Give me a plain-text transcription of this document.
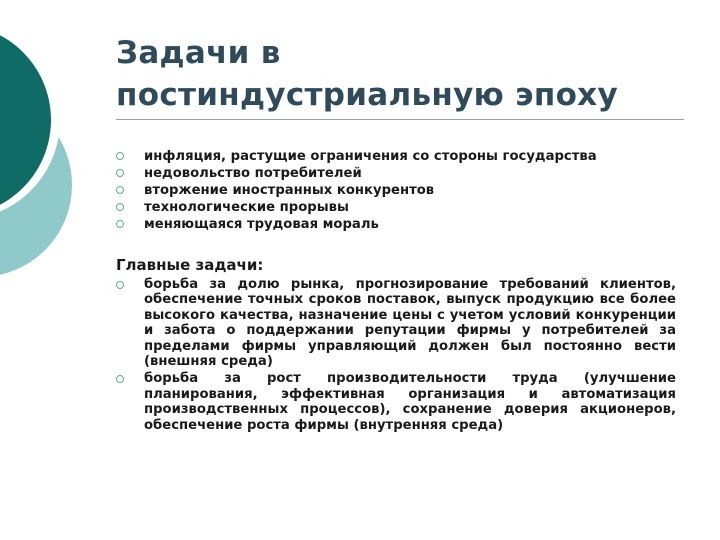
Задачи в
постиндустриальную эпоху
инфляция, растущие ограничения со стороны государства
недовольство потребителей
вторжение иностранных конкурентов
технологические прорывы
меняющаяся трудовая мораль
Главные задачи:
борьба за долю рынка, прогнозирование требований клиентов, обеспечение точных сроков поставок, выпуск продукцию все более высокого качества, назначение цены с учетом условий конкуренции и забота о поддержании репутации фирмы у потребителей за пределами фирмы управляющий должен был постоянно вести (внешняя среда)
борьба за рост производительности труда (улучшение планирования, эффективная организация и автоматизация производственных процессов), сохранение доверия акционеров, обеспечение роста фирмы (внутренняя среда)
